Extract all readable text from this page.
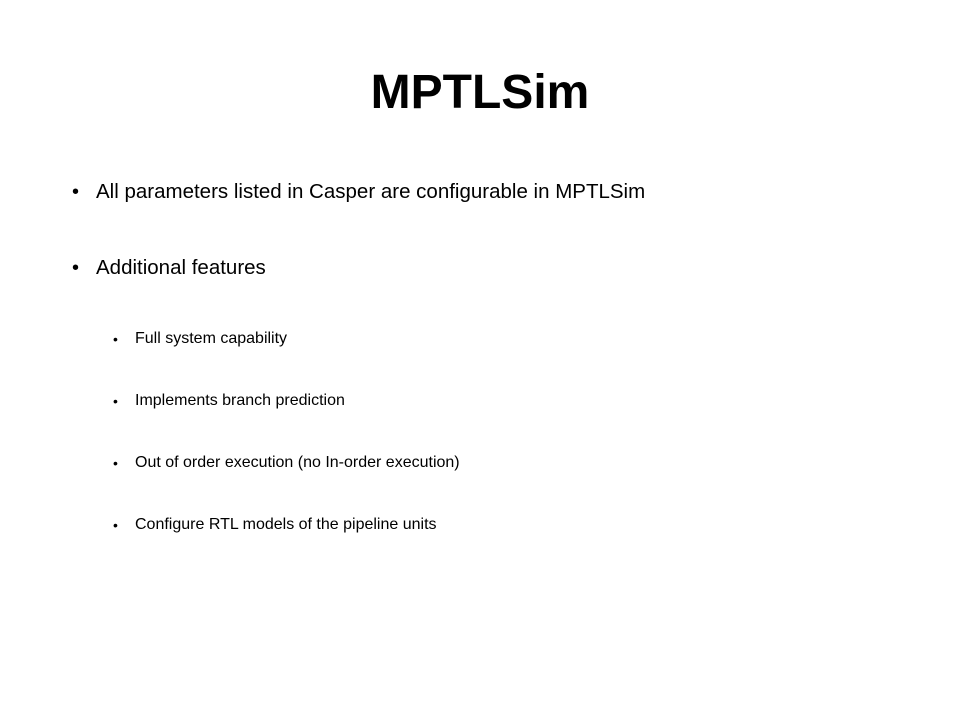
MPTLSim
• All parameters listed in Casper are configurable in MPTLSim
• Additional features
•	Full system capability
•	Implements branch prediction
•	Out of order execution (no In-order execution)
•	Configure RTL models of the pipeline units
